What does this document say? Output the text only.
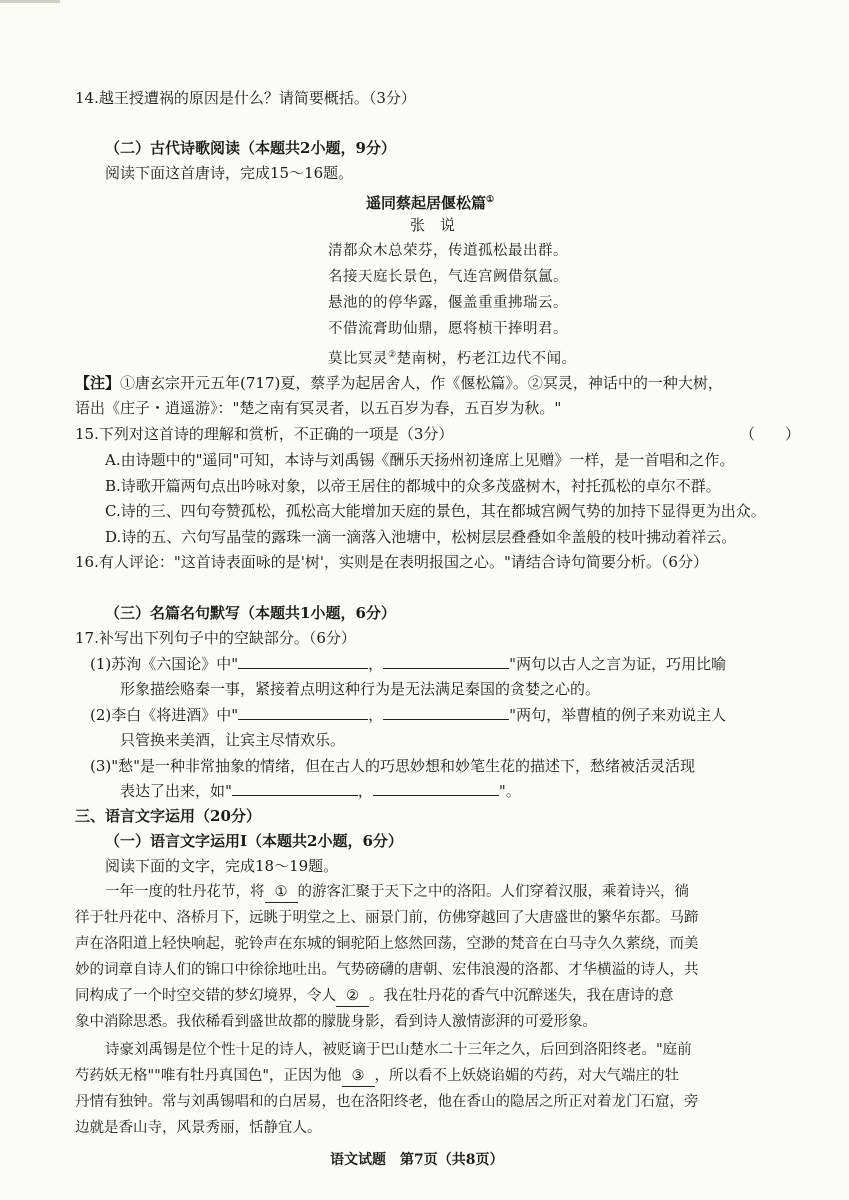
14.越王授遭祸的原因是什么？请简要概括。（3分）
（二）古代诗歌阅读（本题共2小题，9分）
阅读下面这首唐诗，完成15～16题。
遥同蔡起居偃松篇①
张　说
清都众木总荣芬，传道孤松最出群。
名接天庭长景色，气连宫阙借氛氲。
悬池的的停华露，偃盖重重拂瑞云。
不借流膏助仙鼎，愿将桢干捧明君。
莫比冥灵②楚南树，朽老江边代不闻。
【注】①唐玄宗开元五年(717)夏，蔡孚为起居舍人，作《偃松篇》。②冥灵，神话中的一种大树，
语出《庄子・逍遥游》："楚之南有冥灵者，以五百岁为春，五百岁为秋。"
15.下列对这首诗的理解和赏析，不正确的一项是（3分）	（　　）
A.由诗题中的"遥同"可知，本诗与刘禹锡《酬乐天扬州初逢席上见赠》一样，是一首唱和之作。
B.诗歌开篇两句点出吟咏对象，以帝王居住的都城中的众多茂盛树木，衬托孤松的卓尔不群。
C.诗的三、四句夸赞孤松，孤松高大能增加天庭的景色，其在都城宫阙气势的加持下显得更为出众。
D.诗的五、六句写晶莹的露珠一滴一滴落入池塘中，松树层层叠叠如伞盖般的枝叶拂动着祥云。
16.有人评论："这首诗表面咏的是'树'，实则是在表明报国之心。"请结合诗句简要分析。（6分）
（三）名篇名句默写（本题共1小题，6分）
17.补写出下列句子中的空缺部分。（6分）
(1)苏洵《六国论》中"	，	"两句以古人之言为证，巧用比喻
形象描绘赂秦一事，紧接着点明这种行为是无法满足秦国的贪婪之心的。
(2)李白《将进酒》中"	，	"两句，举曹植的例子来劝说主人
只管换来美酒，让宾主尽情欢乐。
(3)"愁"是一种非常抽象的情绪，但在古人的巧思妙想和妙笔生花的描述下，愁绪被活灵活现
表达了出来，如"	，	"。
三、语言文字运用（20分）
（一）语言文字运用Ⅰ（本题共2小题，6分）
阅读下面的文字，完成18～19题。
一年一度的牡丹花节，将 ① 的游客汇聚于天下之中的洛阳。人们穿着汉服，乘着诗兴，徜
徉于牡丹花中、洛桥月下，远眺于明堂之上、丽景门前，仿佛穿越回了大唐盛世的繁华东都。马蹄
声在洛阳道上轻快响起，驼铃声在东城的铜驼陌上悠然回荡，空渺的梵音在白马寺久久萦绕，而美
妙的词章自诗人们的锦口中徐徐地吐出。气势磅礴的唐朝、宏伟浪漫的洛都、才华横溢的诗人，共
同构成了一个时空交错的梦幻境界，令人 ② 。我在牡丹花的香气中沉醉迷失，我在唐诗的意
象中消除思悉。我依稀看到盛世故都的朦胧身影，看到诗人激情澎湃的可爱形象。
诗豪刘禹锡是位个性十足的诗人，被贬谪于巴山楚水二十三年之久，后回到洛阳终老。"庭前
芍药妖无格""唯有牡丹真国色"，正因为他 ③ ，所以看不上妖娆谄媚的芍药，对大气端庄的牡
丹情有独钟。常与刘禹锡唱和的白居易，也在洛阳终老，他在香山的隐居之所正对着龙门石窟，旁
边就是香山寺，风景秀丽，恬静宜人。
语文试题　第7页（共8页）
